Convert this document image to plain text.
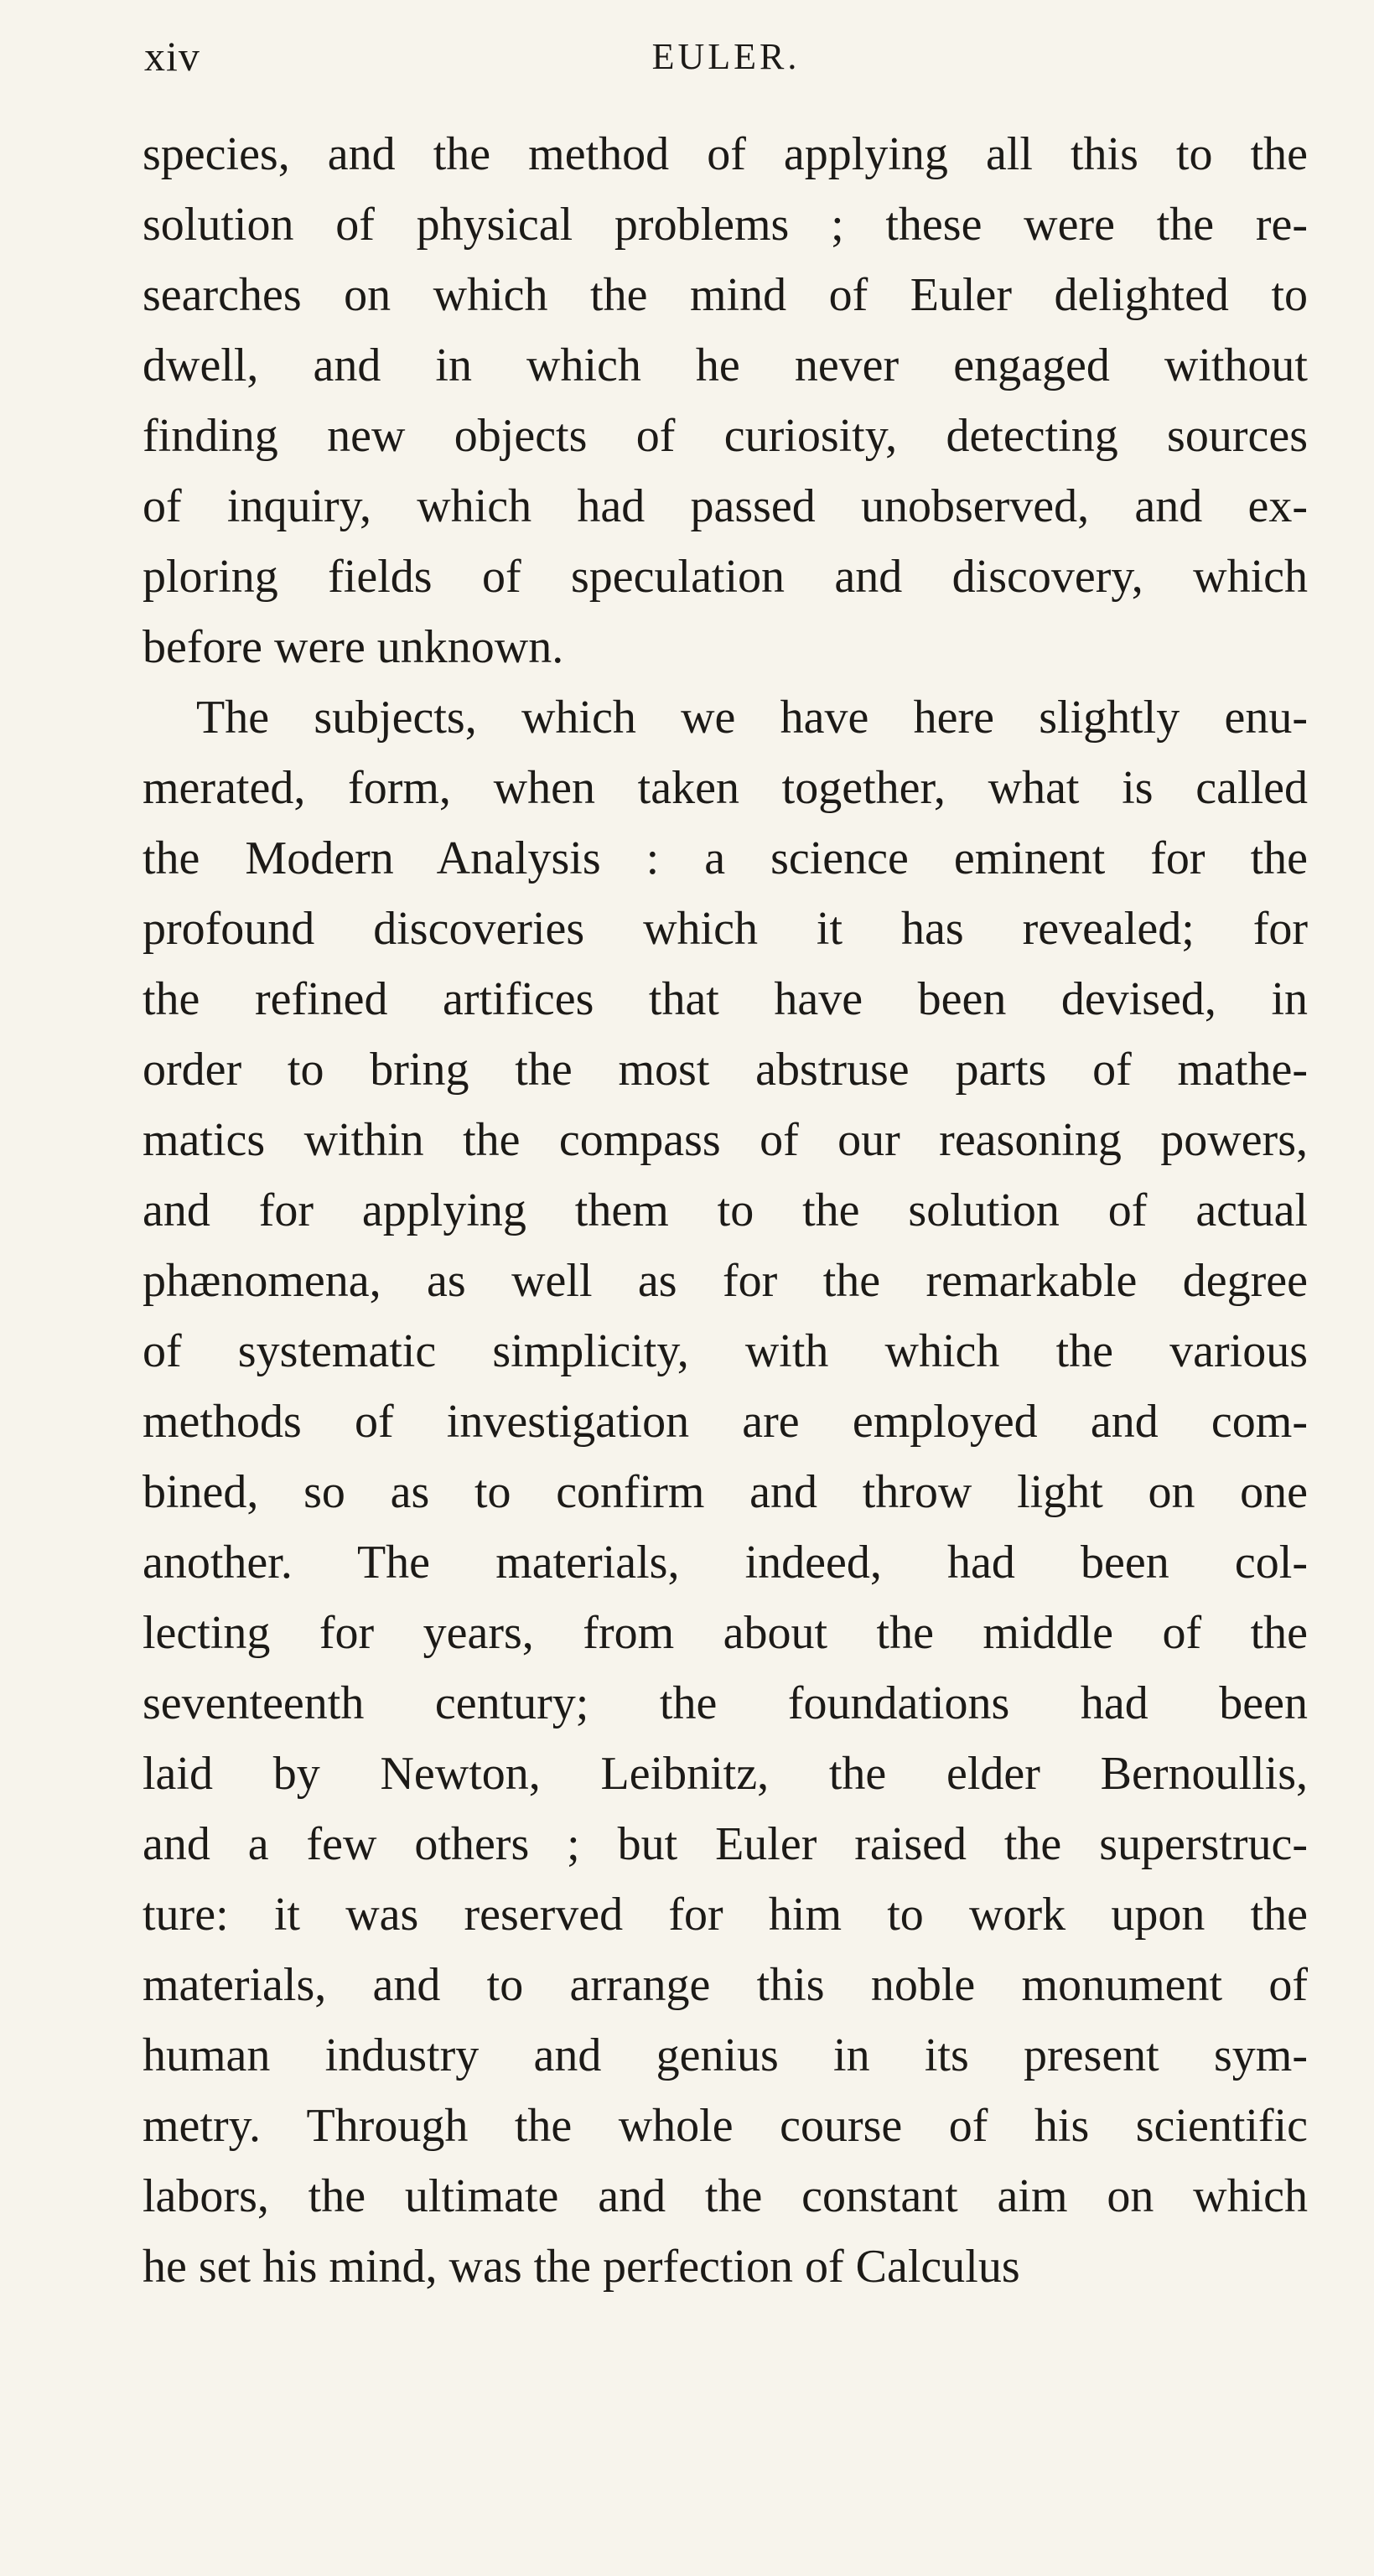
xiv	EULER.
species, and the method of applying all this to the
solution of physical problems ; these were the re-
searches on which the mind of Euler delighted to
dwell, and in which he never engaged without
finding new objects of curiosity, detecting sources
of inquiry, which had passed unobserved, and ex-
ploring fields of speculation and discovery, which
before were unknown.
The subjects, which we have here slightly enu-
merated, form, when taken together, what is called
the Modern Analysis : a science eminent for the
profound discoveries which it has revealed; for
the refined artifices that have been devised, in
order to bring the most abstruse parts of mathe-
matics within the compass of our reasoning powers,
and for applying them to the solution of actual
phænomena, as well as for the remarkable degree
of systematic simplicity, with which the various
methods of investigation are employed and com-
bined, so as to confirm and throw light on one
another. The materials, indeed, had been col-
lecting for years, from about the middle of the
seventeenth century; the foundations had been
laid by Newton, Leibnitz, the elder Bernoullis,
and a few others ; but Euler raised the superstruc-
ture: it was reserved for him to work upon the
materials, and to arrange this noble monument of
human industry and genius in its present sym-
metry. Through the whole course of his scientific
labors, the ultimate and the constant aim on which
he set his mind, was the perfection of Calculus
